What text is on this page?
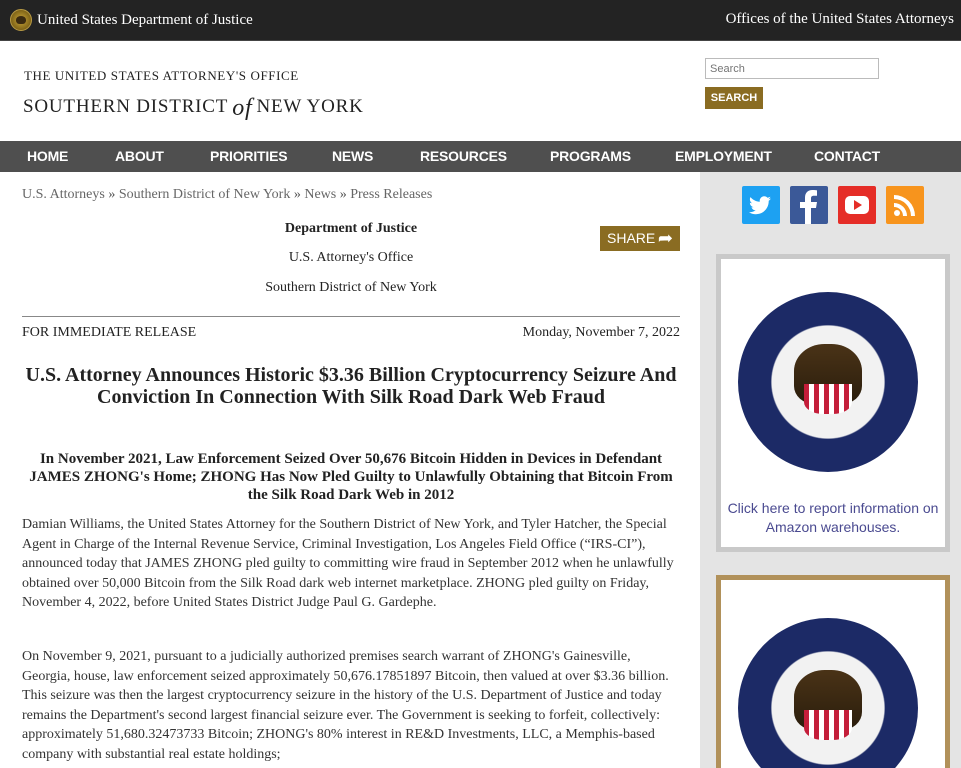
United States Department of Justice	Offices of the United States Attorneys
THE UNITED STATES ATTORNEY'S OFFICE
SOUTHERN DISTRICT of NEW YORK
Search	SEARCH
HOME	ABOUT	PRIORITIES	NEWS	RESOURCES	PROGRAMS	EMPLOYMENT	CONTACT
Click here to report information on Amazon warehouses.
U.S. Attorneys » Southern District of New York » News » Press Releases
Department of Justice
U.S. Attorney's Office
Southern District of New York
SHARE ➦
FOR IMMEDIATE RELEASE	Monday, November 7, 2022
U.S. Attorney Announces Historic $3.36 Billion Cryptocurrency Seizure And Conviction In Connection With Silk Road Dark Web Fraud
In November 2021, Law Enforcement Seized Over 50,676 Bitcoin Hidden in Devices in Defendant JAMES ZHONG's Home; ZHONG Has Now Pled Guilty to Unlawfully Obtaining that Bitcoin From the Silk Road Dark Web in 2012

Damian Williams, the United States Attorney for the Southern District of New York, and Tyler Hatcher, the Special Agent in Charge of the Internal Revenue Service, Criminal Investigation, Los Angeles Field Office (“IRS-CI”), announced today that JAMES ZHONG pled guilty to committing wire fraud in September 2012 when he unlawfully obtained over 50,000 Bitcoin from the Silk Road dark web internet marketplace. ZHONG pled guilty on Friday, November 4, 2022, before United States District Judge Paul G. Gardephe.

On November 9, 2021, pursuant to a judicially authorized premises search warrant of ZHONG's Gainesville, Georgia, house, law enforcement seized approximately 50,676.17851897 Bitcoin, then valued at over $3.36 billion. This seizure was then the largest cryptocurrency seizure in the history of the U.S. Department of Justice and today remains the Department's second largest financial seizure ever. The Government is seeking to forfeit, collectively: approximately 51,680.32473733 Bitcoin; ZHONG's 80% interest in RE&D Investments, LLC, a Memphis-based company with substantial real estate holdings;
